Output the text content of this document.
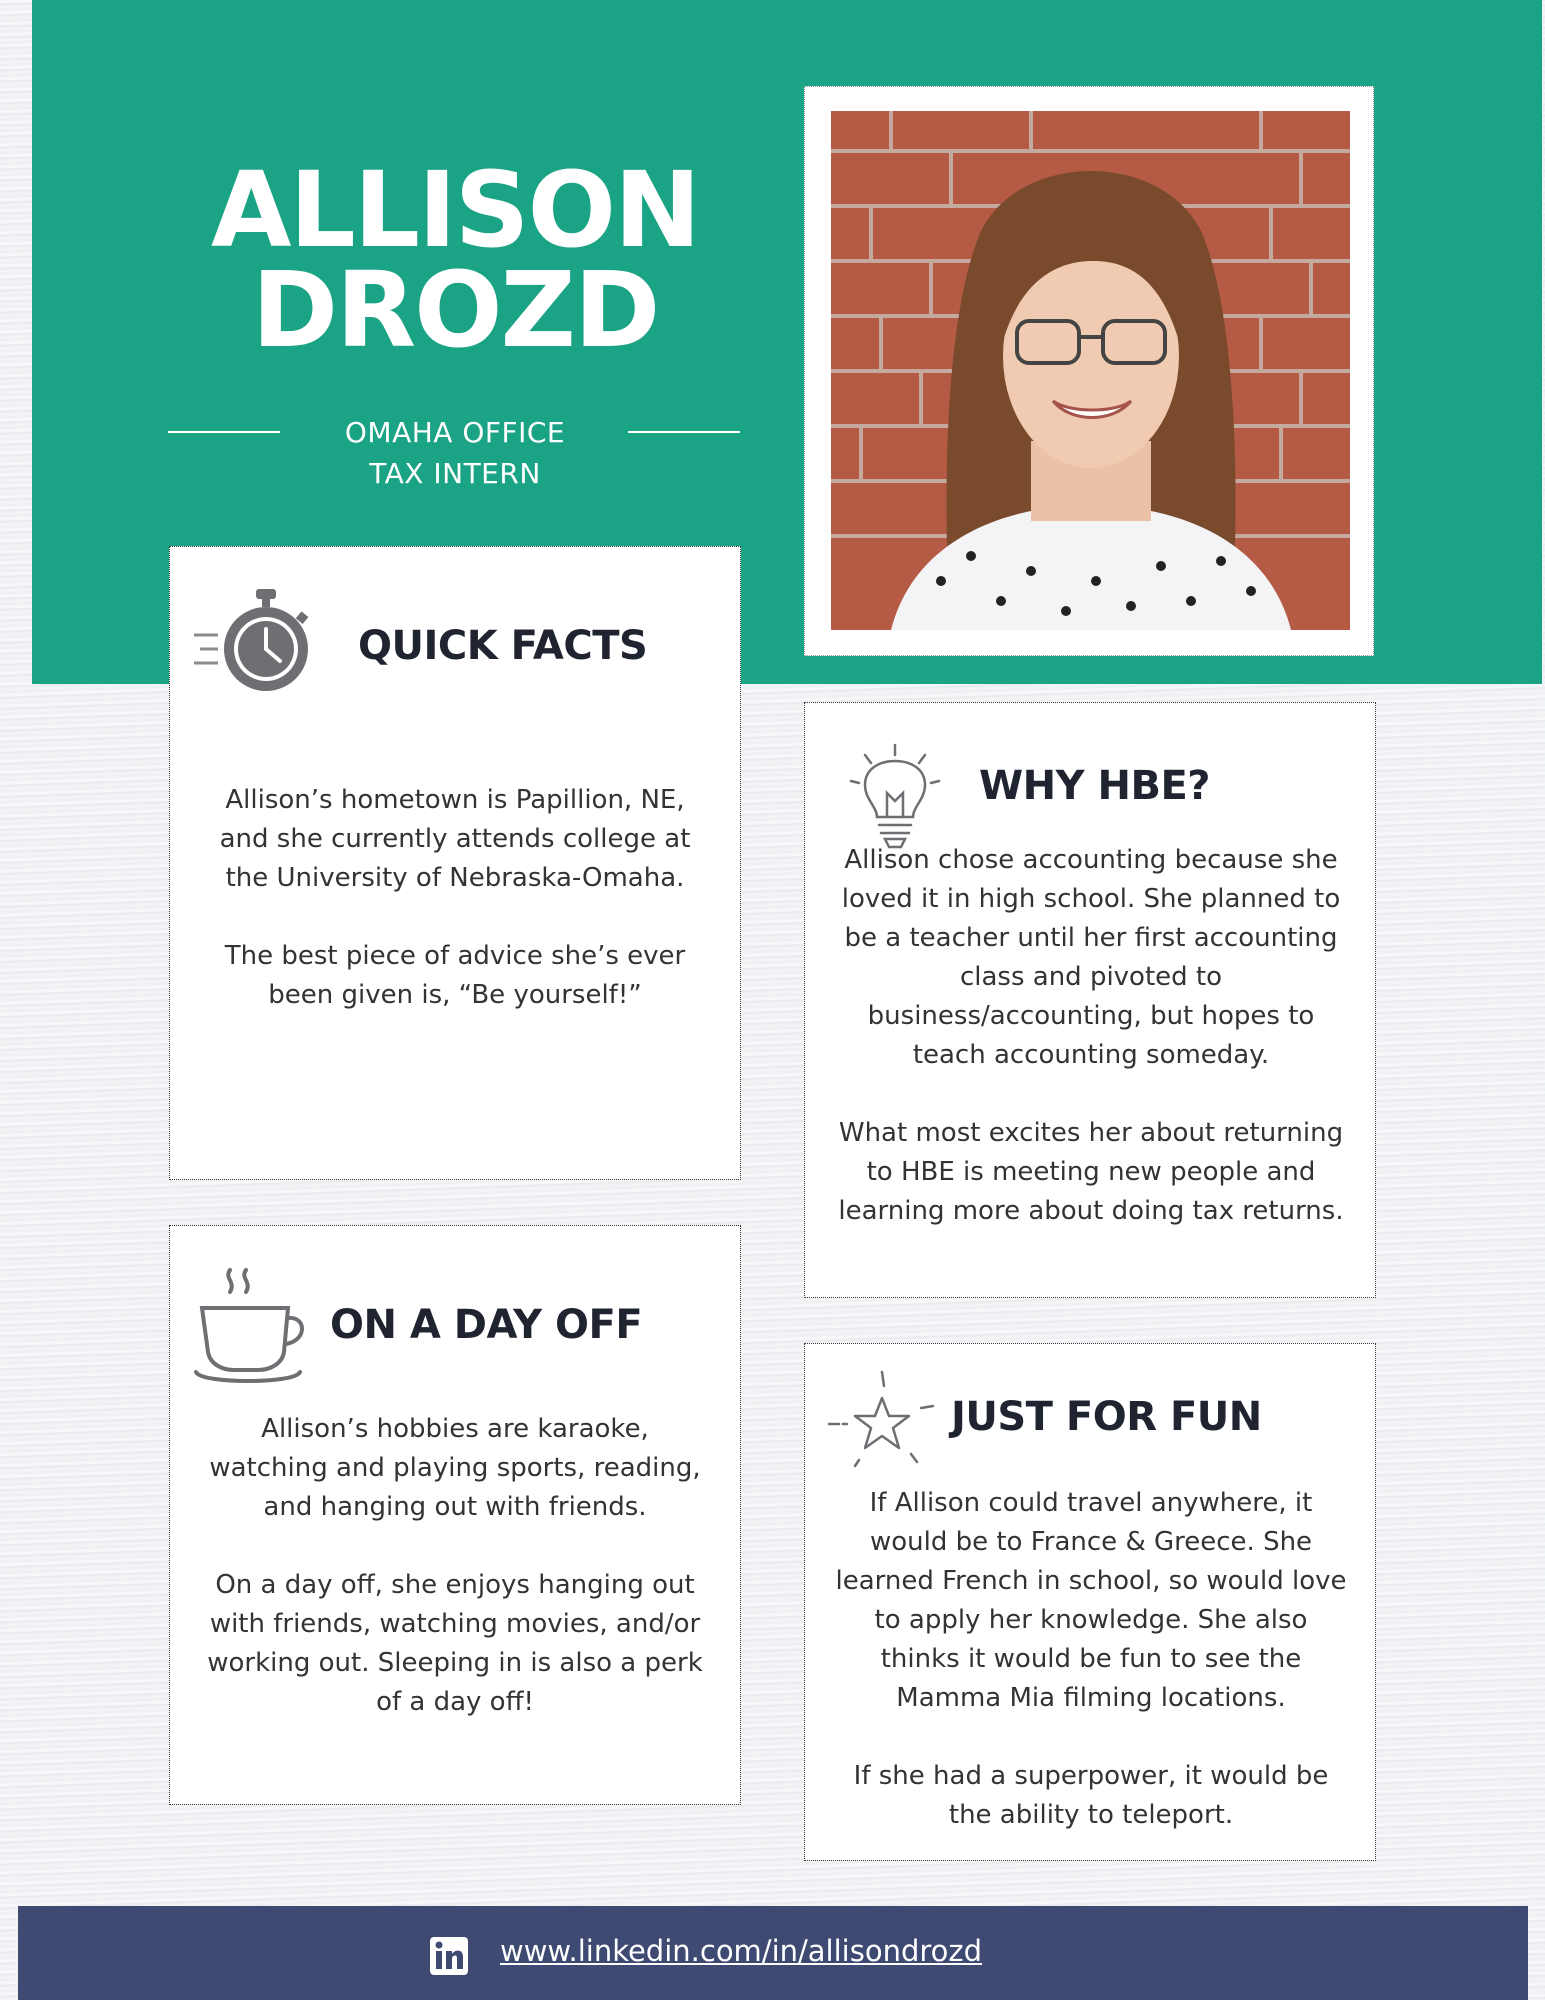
ALLISON
DROZD
OMAHA OFFICE
TAX INTERN
QUICK FACTS

Allison’s hometown is Papillion, NE, and she currently attends college at the University of Nebraska-Omaha.

The best piece of advice she’s ever been given is, “Be yourself!”

WHY HBE?

Allison chose accounting because she loved it in high school. She planned to be a teacher until her first accounting class and pivoted to business/accounting, but hopes to teach accounting someday.

What most excites her about returning to HBE is meeting new people and learning more about doing tax returns.

ON A DAY OFF

Allison’s hobbies are karaoke, watching and playing sports, reading, and hanging out with friends.

On a day off, she enjoys hanging out with friends, watching movies, and/or working out. Sleeping in is also a perk of a day off!

JUST FOR FUN

If Allison could travel anywhere, it would be to France & Greece. She learned French in school, so would love to apply her knowledge. She also thinks it would be fun to see the Mamma Mia filming locations.

If she had a superpower, it would be the ability to teleport.

www.linkedin.com/in/allisondrozd
